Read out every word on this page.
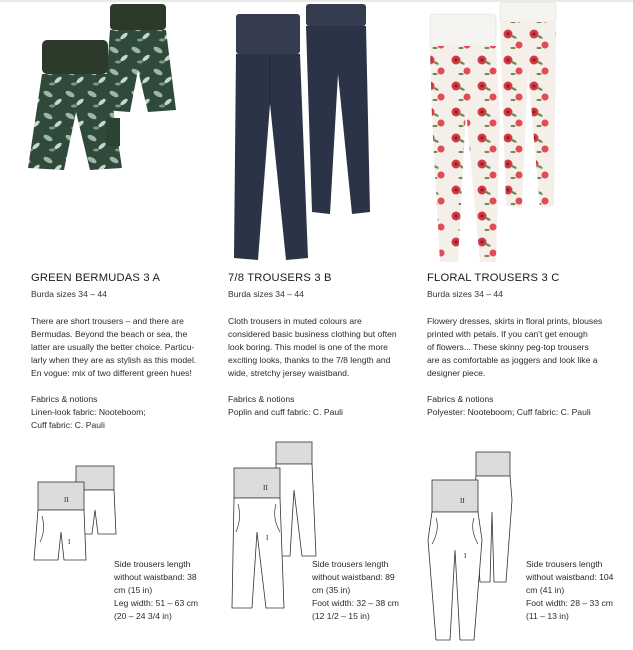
GREEN BERMUDAS 3 A
Burda sizes 34 – 44

There are short trousers – and there are
Bermudas. Beyond the beach or sea, the
latter are usually the better choice. Particu-
larly when they are as stylish as this model.
En vogue: mix of two different green hues!

Fabrics & notions
Linen-look fabric: Nooteboom;
Cuff fabric: C. Pauli

II
I

Side trousers length
without waistband: 38
cm (15 in)
Leg width: 51 – 63 cm
(20 – 24 3/4 in)

7/8 TROUSERS 3 B
Burda sizes 34 – 44

Cloth trousers in muted colours are
considered basic business clothing but often
look boring. This model is one of the more
exciting looks, thanks to the 7/8 length and
wide, stretchy jersey waistband.

Fabrics & notions
Poplin and cuff fabric: C. Pauli

II
I

Side trousers length
without waistband: 89
cm (35 in)
Foot width: 32 – 38 cm
(12 1/2 – 15 in)

FLORAL TROUSERS 3 C
Burda sizes 34 – 44

Flowery dresses, skirts in floral prints, blouses
printed with petals. If you can't get enough
of flowers... These skinny peg-top trousers
are as comfortable as joggers and look like a
designer piece.

Fabrics & notions
Polyester: Nooteboom; Cuff fabric: C. Pauli

II
I

Side trousers length
without waistband: 104
cm (41 in)
Foot width: 28 – 33 cm
(11 – 13 in)
